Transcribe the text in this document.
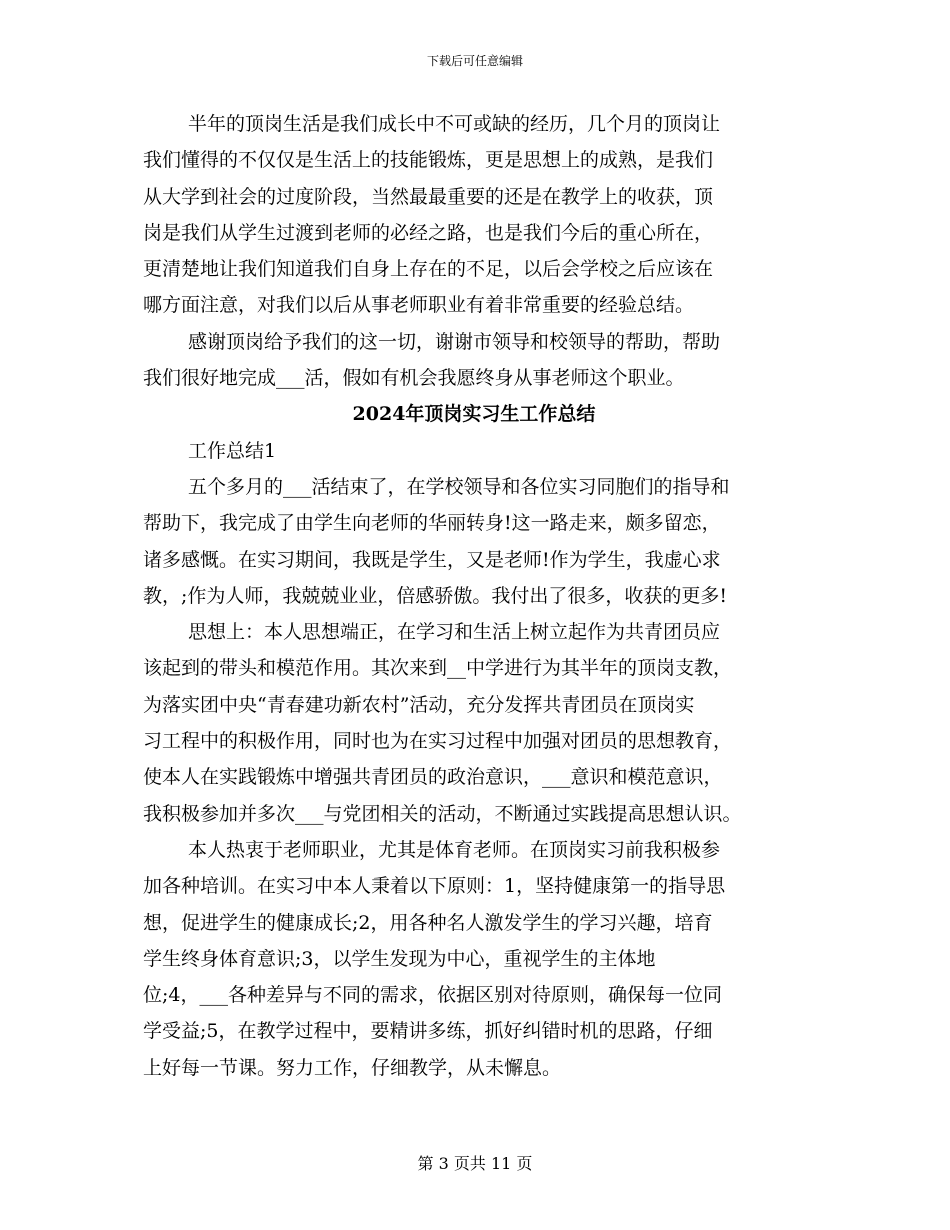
下载后可任意编辑
半年的顶岗生活是我们成长中不可或缺的经历，几个月的顶岗让
我们懂得的不仅仅是生活上的技能锻炼，更是思想上的成熟，是我们
从大学到社会的过度阶段，当然最最重要的还是在教学上的收获，顶
岗是我们从学生过渡到老师的必经之路，也是我们今后的重心所在，
更清楚地让我们知道我们自身上存在的不足，以后会学校之后应该在
哪方面注意，对我们以后从事老师职业有着非常重要的经验总结。
感谢顶岗给予我们的这一切，谢谢市领导和校领导的帮助，帮助
我们很好地完成___活，假如有机会我愿终身从事老师这个职业。
2024年顶岗实习生工作总结
工作总结1
五个多月的___活结束了，在学校领导和各位实习同胞们的指导和
帮助下，我完成了由学生向老师的华丽转身!这一路走来，颇多留恋，
诸多感慨。在实习期间，我既是学生，又是老师!作为学生，我虚心求
教，;作为人师，我兢兢业业，倍感骄傲。我付出了很多，收获的更多!
思想上：本人思想端正，在学习和生活上树立起作为共青团员应
该起到的带头和模范作用。其次来到__中学进行为其半年的顶岗支教，
为落实团中央“青春建功新农村”活动，充分发挥共青团员在顶岗实
习工程中的积极作用，同时也为在实习过程中加强对团员的思想教育，
使本人在实践锻炼中增强共青团员的政治意识，___意识和模范意识，
我积极参加并多次___与党团相关的活动，不断通过实践提高思想认识。
本人热衷于老师职业，尤其是体育老师。在顶岗实习前我积极参
加各种培训。在实习中本人秉着以下原则：1，坚持健康第一的指导思
想，促进学生的健康成长;2，用各种名人激发学生的学习兴趣，培育
学生终身体育意识;3，以学生发现为中心，重视学生的主体地
位;4，___各种差异与不同的需求，依据区别对待原则，确保每一位同
学受益;5，在教学过程中，要精讲多练，抓好纠错时机的思路，仔细
上好每一节课。努力工作，仔细教学，从未懈息。
第 3 页共 11 页
